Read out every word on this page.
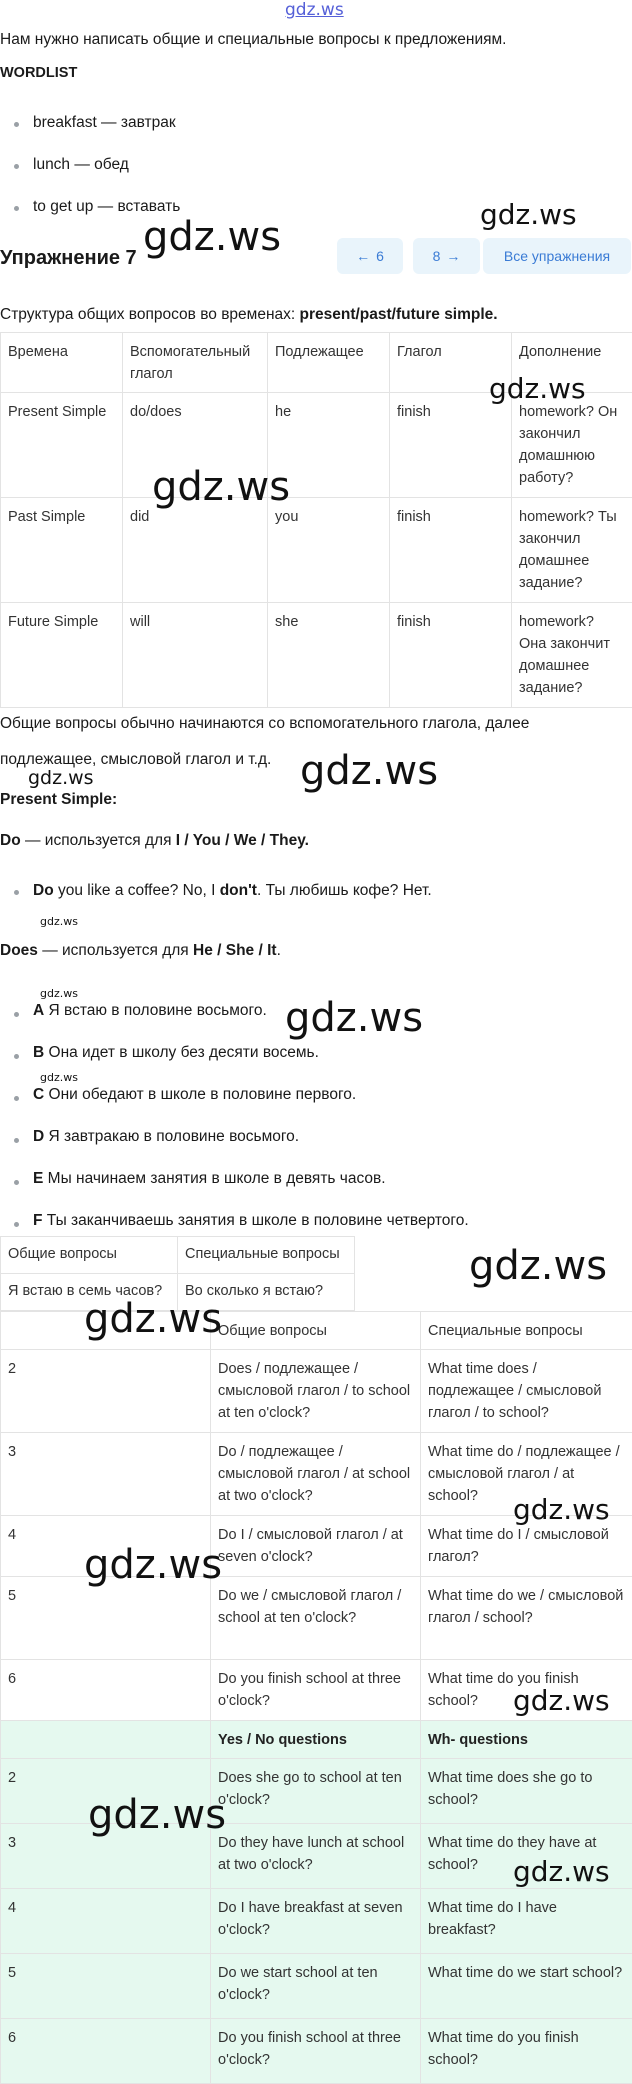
gdz.ws
Нам нужно написать общие и специальные вопросы к предложениям.
WORDLIST
breakfast — завтрак
lunch — обед
to get up — вставать
Упражнение 7	← 6	8 →	Все упражнения
Структура общих вопросов во временах: present/past/future simple.
Времена	Вспомогательный глагол	Подлежащее	Глагол	Дополнение
Present Simple	do/does	he	finish	homework? Он закончил домашнюю работу?
Past Simple	did	you	finish	homework? Ты закончил домашнее задание?
Future Simple	will	she	finish	homework? Она закончит домашнее задание?
Общие вопросы обычно начинаются со вспомогательного глагола, далее
подлежащее, смысловой глагол и т.д.
Present Simple:
Do — используется для I / You / We / They.
Do you like a coffee? No, I don't. Ты любишь кофе? Нет.
Does — используется для He / She / It.
A Я встаю в половине восьмого.
B Она идет в школу без десяти восемь.
C Они обедают в школе в половине первого.
D Я завтракаю в половине восьмого.
E Мы начинаем занятия в школе в девять часов.
F Ты заканчиваешь занятия в школе в половине четвертого.
Общие вопросы	Специальные вопросы
Я встаю в семь часов?	Во сколько я встаю?
	Общие вопросы	Специальные вопросы
2	Does / подлежащее / смысловой глагол / to school at ten o'clock?	What time does / подлежащее / смысловой глагол / to school?
3	Do / подлежащее / смысловой глагол / at school at two o'clock?	What time do / подлежащее / смысловой глагол / at school?
4	Do I / смысловой глагол / at seven o'clock?	What time do I / смысловой глагол?
5	Do we / смысловой глагол / school at ten o'clock?	What time do we / смысловой глагол / school?
6	Do you finish school at three o'clock?	What time do you finish school?
	Yes / No questions	Wh- questions
2	Does she go to school at ten o'clock?	What time does she go to school?
3	Do they have lunch at school at two o'clock?	What time do they have at school?
4	Do I have breakfast at seven o'clock?	What time do I have breakfast?
5	Do we start school at ten o'clock?	What time do we start school?
6	Do you finish school at three o'clock?	What time do you finish school?
gdz.ws
gdz.ws
gdz.ws
gdz.ws
gdz.ws
gdz.ws
gdz.ws
gdz.ws
gdz.ws
gdz.ws
gdz.ws
gdz.ws
gdz.ws
gdz.ws
gdz.ws
gdz.ws
gdz.ws
